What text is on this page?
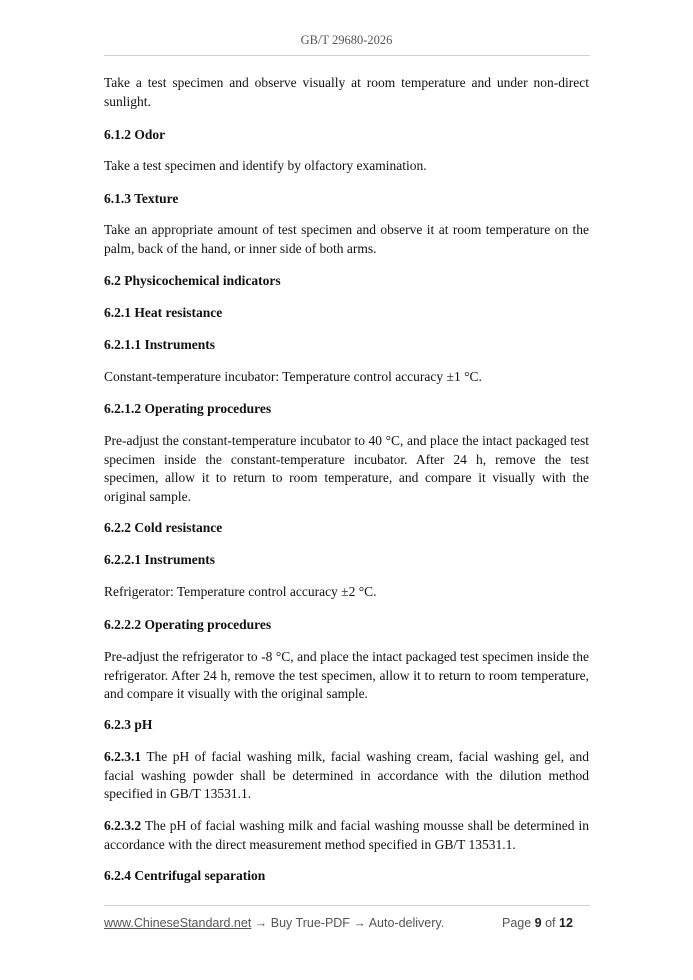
GB/T 29680-2026
Take a test specimen and observe visually at room temperature and under non-direct sunlight.
6.1.2 Odor
Take a test specimen and identify by olfactory examination.
6.1.3 Texture
Take an appropriate amount of test specimen and observe it at room temperature on the palm, back of the hand, or inner side of both arms.
6.2 Physicochemical indicators
6.2.1 Heat resistance
6.2.1.1 Instruments
Constant-temperature incubator: Temperature control accuracy ±1 °C.
6.2.1.2 Operating procedures
Pre-adjust the constant-temperature incubator to 40 °C, and place the intact packaged test specimen inside the constant-temperature incubator. After 24 h, remove the test specimen, allow it to return to room temperature, and compare it visually with the original sample.
6.2.2 Cold resistance
6.2.2.1 Instruments
Refrigerator: Temperature control accuracy ±2 °C.
6.2.2.2 Operating procedures
Pre-adjust the refrigerator to -8 °C, and place the intact packaged test specimen inside the refrigerator. After 24 h, remove the test specimen, allow it to return to room temperature, and compare it visually with the original sample.
6.2.3 pH
6.2.3.1 The pH of facial washing milk, facial washing cream, facial washing gel, and facial washing powder shall be determined in accordance with the dilution method specified in GB/T 13531.1.
6.2.3.2 The pH of facial washing milk and facial washing mousse shall be determined in accordance with the direct measurement method specified in GB/T 13531.1.
6.2.4 Centrifugal separation
www.ChineseStandard.net → Buy True-PDF → Auto-delivery.	Page 9 of 12
